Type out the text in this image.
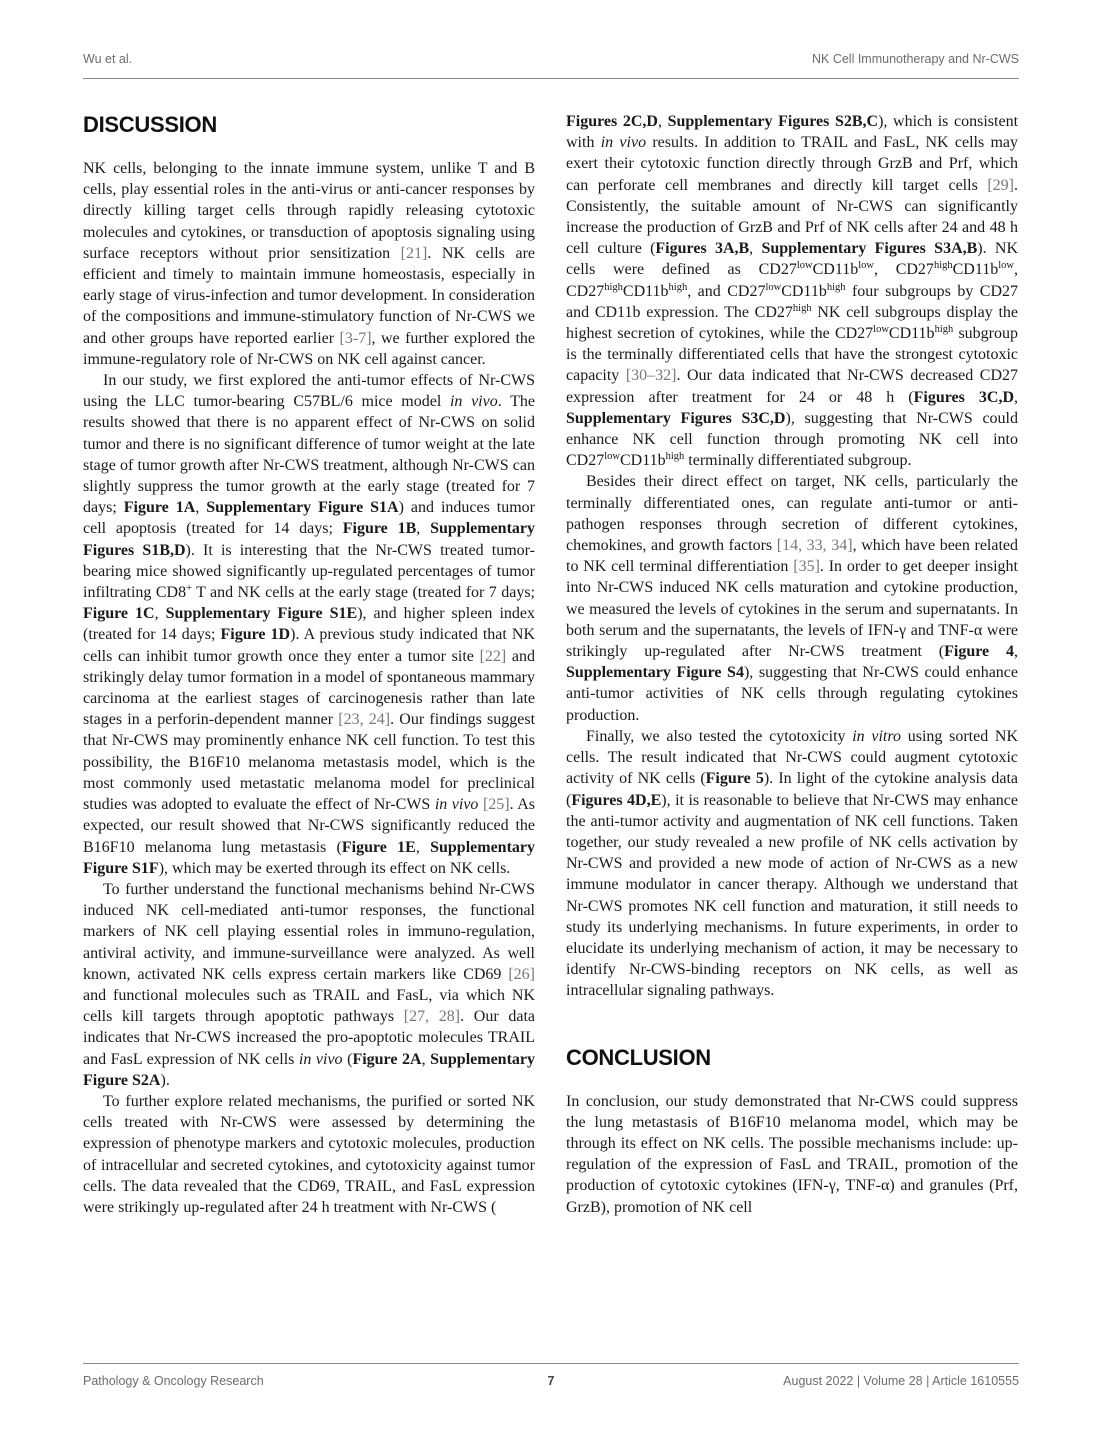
Wu et al.	NK Cell Immunotherapy and Nr-CWS
DISCUSSION

NK cells, belonging to the innate immune system, unlike T and B cells, play essential roles in the anti-virus or anti-cancer responses by directly killing target cells through rapidly releasing cytotoxic molecules and cytokines, or transduction of apoptosis signaling using surface receptors without prior sensitization [21]. NK cells are efficient and timely to maintain immune homeostasis, especially in early stage of virus-infection and tumor development. In consideration of the compositions and immune-stimulatory function of Nr-CWS we and other groups have reported earlier [3-7], we further explored the immune-regulatory role of Nr-CWS on NK cell against cancer.

In our study, we first explored the anti-tumor effects of Nr-CWS using the LLC tumor-bearing C57BL/6 mice model in vivo. The results showed that there is no apparent effect of Nr-CWS on solid tumor and there is no significant difference of tumor weight at the late stage of tumor growth after Nr-CWS treatment, although Nr-CWS can slightly suppress the tumor growth at the early stage (treated for 7 days; Figure 1A, Supplementary Figure S1A) and induces tumor cell apoptosis (treated for 14 days; Figure 1B, Supplementary Figures S1B,D). It is interesting that the Nr-CWS treated tumor-bearing mice showed significantly up-regulated percentages of tumor infiltrating CD8+ T and NK cells at the early stage (treated for 7 days; Figure 1C, Supplementary Figure S1E), and higher spleen index (treated for 14 days; Figure 1D). A previous study indicated that NK cells can inhibit tumor growth once they enter a tumor site [22] and strikingly delay tumor formation in a model of spontaneous mammary carcinoma at the earliest stages of carcinogenesis rather than late stages in a perforin-dependent manner [23, 24]. Our findings suggest that Nr-CWS may prominently enhance NK cell function. To test this possibility, the B16F10 melanoma metastasis model, which is the most commonly used metastatic melanoma model for preclinical studies was adopted to evaluate the effect of Nr-CWS in vivo [25]. As expected, our result showed that Nr-CWS significantly reduced the B16F10 melanoma lung metastasis (Figure 1E, Supplementary Figure S1F), which may be exerted through its effect on NK cells.

To further understand the functional mechanisms behind Nr-CWS induced NK cell-mediated anti-tumor responses, the functional markers of NK cell playing essential roles in immuno-regulation, antiviral activity, and immune-surveillance were analyzed. As well known, activated NK cells express certain markers like CD69 [26] and functional molecules such as TRAIL and FasL, via which NK cells kill targets through apoptotic pathways [27, 28]. Our data indicates that Nr-CWS increased the pro-apoptotic molecules TRAIL and FasL expression of NK cells in vivo (Figure 2A, Supplementary Figure S2A).

To further explore related mechanisms, the purified or sorted NK cells treated with Nr-CWS were assessed by determining the expression of phenotype markers and cytotoxic molecules, production of intracellular and secreted cytokines, and cytotoxicity against tumor cells. The data revealed that the CD69, TRAIL, and FasL expression were strikingly up-regulated after 24 h treatment with Nr-CWS (

Figures 2C,D, Supplementary Figures S2B,C), which is consistent with in vivo results. In addition to TRAIL and FasL, NK cells may exert their cytotoxic function directly through GrzB and Prf, which can perforate cell membranes and directly kill target cells [29]. Consistently, the suitable amount of Nr-CWS can significantly increase the production of GrzB and Prf of NK cells after 24 and 48 h cell culture (Figures 3A,B, Supplementary Figures S3A,B). NK cells were defined as $CD27^{low}CD11b^{low}$, $CD27^{high}CD11b^{low}$, $CD27^{high}CD11b^{high}$, and $CD27^{low}CD11b^{high}$ four subgroups by CD27 and CD11b expression. The $CD27^{high}$ NK cell subgroups display the highest secretion of cytokines, while the $CD27^{low}CD11b^{high}$ subgroup is the terminally differentiated cells that have the strongest cytotoxic capacity [30–32]. Our data indicated that Nr-CWS decreased CD27 expression after treatment for 24 or 48 h (Figures 3C,D, Supplementary Figures S3C,D), suggesting that Nr-CWS could enhance NK cell function through promoting NK cell into $CD27^{low}CD11b^{high}$ terminally differentiated subgroup.

Besides their direct effect on target, NK cells, particularly the terminally differentiated ones, can regulate anti-tumor or anti-pathogen responses through secretion of different cytokines, chemokines, and growth factors [14, 33, 34], which have been related to NK cell terminal differentiation [35]. In order to get deeper insight into Nr-CWS induced NK cells maturation and cytokine production, we measured the levels of cytokines in the serum and supernatants. In both serum and the supernatants, the levels of IFN-γ and TNF-α were strikingly up-regulated after Nr-CWS treatment (Figure 4, Supplementary Figure S4), suggesting that Nr-CWS could enhance anti-tumor activities of NK cells through regulating cytokines production.

Finally, we also tested the cytotoxicity in vitro using sorted NK cells. The result indicated that Nr-CWS could augment cytotoxic activity of NK cells (Figure 5). In light of the cytokine analysis data (Figures 4D,E), it is reasonable to believe that Nr-CWS may enhance the anti-tumor activity and augmentation of NK cell functions. Taken together, our study revealed a new profile of NK cells activation by Nr-CWS and provided a new mode of action of Nr-CWS as a new immune modulator in cancer therapy. Although we understand that Nr-CWS promotes NK cell function and maturation, it still needs to study its underlying mechanisms. In future experiments, in order to elucidate its underlying mechanism of action, it may be necessary to identify Nr-CWS-binding receptors on NK cells, as well as intracellular signaling pathways.

CONCLUSION

In conclusion, our study demonstrated that Nr-CWS could suppress the lung metastasis of B16F10 melanoma model, which may be through its effect on NK cells. The possible mechanisms include: up-regulation of the expression of FasL and TRAIL, promotion of the production of cytotoxic cytokines (IFN-γ, TNF-α) and granules (Prf, GrzB), promotion of NK cell

Pathology & Oncology Research	7	August 2022 | Volume 28 | Article 1610555
